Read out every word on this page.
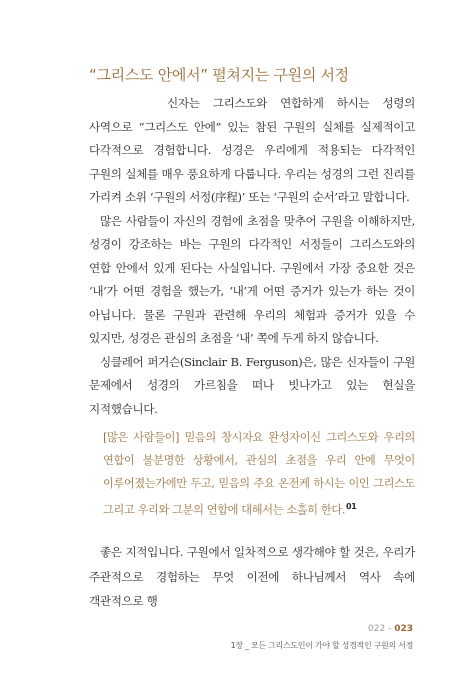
“그리스도 안에서” 펼쳐지는 구원의 서정

신자는 그리스도와 연합하게 하시는 성령의 사역으로 “그리스도 안에” 있는 참된 구원의 실체를 실제적이고 다각적으로 경험합니다. 성경은 우리에게 적용되는 다각적인 구원의 실체를 매우 풍요하게 다룹니다. 우리는 성경의 그런 진리를 가리켜 소위 ‘구원의 서정(序程)’ 또는 ‘구원의 순서’라고 말합니다.

많은 사람들이 자신의 경험에 초점을 맞추어 구원을 이해하지만, 성경이 강조하는 바는 구원의 다각적인 서정들이 그리스도와의 연합 안에서 있게 된다는 사실입니다. 구원에서 가장 중요한 것은 ‘내’가 어떤 경험을 했는가, ‘내’게 어떤 증거가 있는가 하는 것이 아닙니다. 물론 구원과 관련해 우리의 체험과 증거가 있을 수 있지만, 성경은 관심의 초점을 ‘내’ 쪽에 두게 하지 않습니다.

싱클레어 퍼거슨(Sinclair B. Ferguson)은, 많은 신자들이 구원 문제에서 성경의 가르침을 떠나 빗나가고 있는 현실을 지적했습니다.

[많은 사람들이] 믿음의 창시자요 완성자이신 그리스도와 우리의 연합이 불분명한 상황에서, 관심의 초점을 우리 안에 무엇이 이루어졌는가에만 두고, 믿음의 주요 온전케 하시는 이인 그리스도 그리고 우리와 그분의 연합에 대해서는 소홀히 한다.$^{01}$
좋은 지적입니다. 구원에서 일차적으로 생각해야 할 것은, 우리가 주관적으로 경험하는 무엇 이전에 하나님께서 역사 속에 객관적으로 행
022 - 023
1장 _ 모든 그리스도인이 가야 할 성경적인 구원의 서정
